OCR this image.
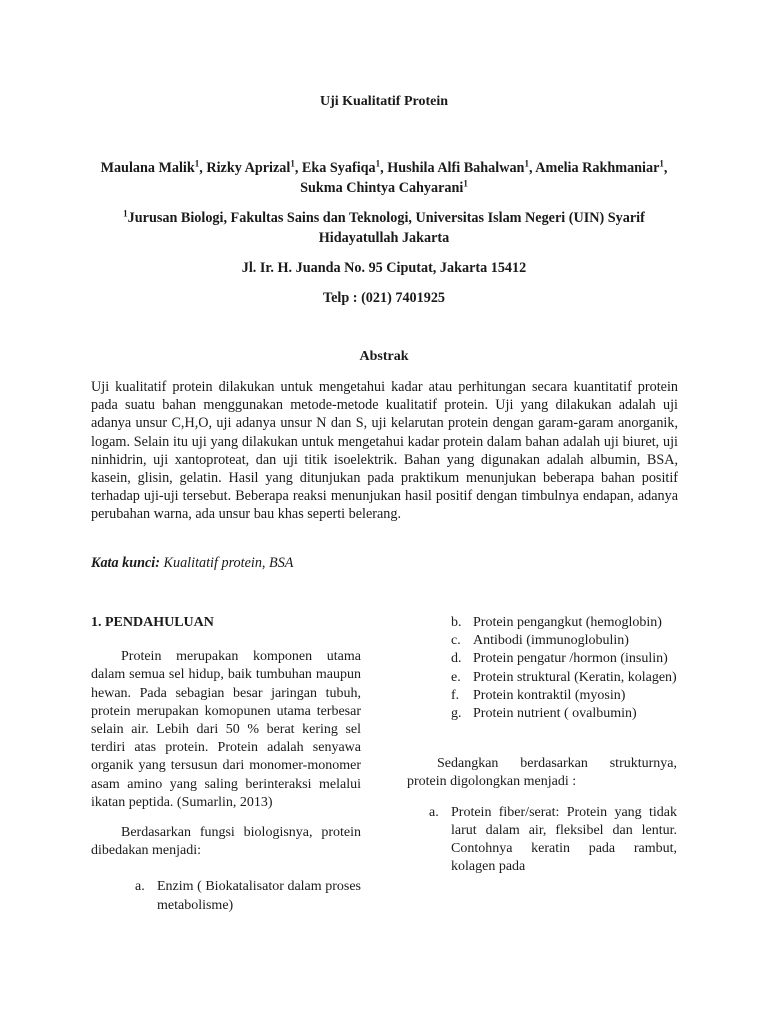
Uji Kualitatif Protein
Maulana Malik$^1$, Rizky Aprizal$^1$, Eka Syafiqa$^1$, Hushila Alfi Bahalwan$^1$, Amelia Rakhmaniar$^1$, Sukma Chintya Cahyarani$^1$
$^1$Jurusan Biologi, Fakultas Sains dan Teknologi, Universitas Islam Negeri (UIN) Syarif Hidayatullah Jakarta
Jl. Ir. H. Juanda No. 95 Ciputat, Jakarta 15412
Telp : (021) 7401925
Abstrak
Uji kualitatif protein dilakukan untuk mengetahui kadar atau perhitungan secara kuantitatif protein pada suatu bahan menggunakan metode-metode kualitatif protein. Uji yang dilakukan adalah uji adanya unsur C,H,O, uji adanya unsur N dan S, uji kelarutan protein dengan garam-garam anorganik, logam. Selain itu uji yang dilakukan untuk mengetahui kadar protein dalam bahan adalah uji biuret, uji ninhidrin, uji xantoproteat, dan uji titik isoelektrik. Bahan yang digunakan adalah albumin, BSA, kasein, glisin, gelatin. Hasil yang ditunjukan pada praktikum menunjukan beberapa bahan positif terhadap uji-uji tersebut. Beberapa reaksi menunjukan hasil positif dengan timbulnya endapan, adanya perubahan warna, ada unsur bau khas seperti belerang.
Kata kunci: Kualitatif protein, BSA
1. PENDAHULUAN

Protein merupakan komponen utama dalam semua sel hidup, baik tumbuhan maupun hewan. Pada sebagian besar jaringan tubuh, protein merupakan komopunen utama terbesar selain air. Lebih dari 50 % berat kering sel terdiri atas protein. Protein adalah senyawa organik yang tersusun dari monomer-monomer asam amino yang saling berinteraksi melalui ikatan peptida. (Sumarlin, 2013)

Berdasarkan fungsi biologisnya, protein dibedakan menjadi:

a. Enzim ( Biokatalisator dalam proses metabolisme)
b. Protein pengangkut (hemoglobin)
c. Antibodi (immunoglobulin)
d. Protein pengatur /hormon (insulin)
e. Protein struktural (Keratin, kolagen)
f. Protein kontraktil (myosin)
g. Protein nutrient ( ovalbumin)

Sedangkan berdasarkan strukturnya, protein digolongkan menjadi :

a. Protein fiber/serat: Protein yang tidak larut dalam air, fleksibel dan lentur. Contohnya keratin pada rambut, kolagen pada
